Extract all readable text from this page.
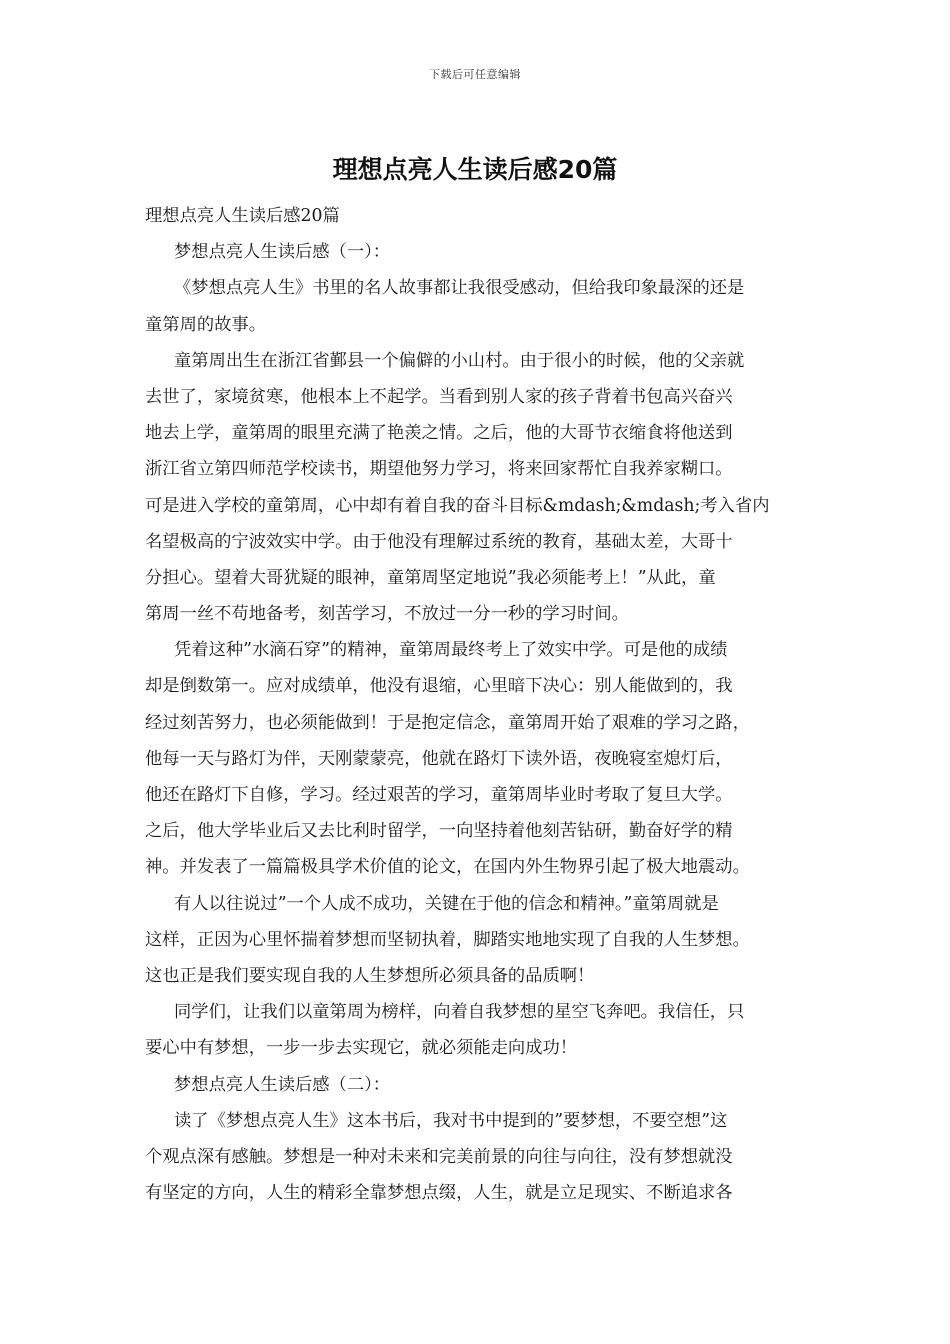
下载后可任意编辑
理想点亮人生读后感20篇
理想点亮人生读后感20篇
梦想点亮人生读后感（一）：
《梦想点亮人生》书里的名人故事都让我很受感动，但给我印象最深的还是
童第周的故事。
童第周出生在浙江省鄞县一个偏僻的小山村。由于很小的时候，他的父亲就
去世了，家境贫寒，他根本上不起学。当看到别人家的孩子背着书包高兴奋兴
地去上学，童第周的眼里充满了艳羡之情。之后，他的大哥节衣缩食将他送到
浙江省立第四师范学校读书，期望他努力学习，将来回家帮忙自我养家糊口。
可是进入学校的童第周，心中却有着自我的奋斗目标&mdash;&mdash;考入省内
名望极高的宁波效实中学。由于他没有理解过系统的教育，基础太差，大哥十
分担心。望着大哥犹疑的眼神，童第周坚定地说”我必须能考上！”从此，童
第周一丝不苟地备考，刻苦学习，不放过一分一秒的学习时间。
凭着这种”水滴石穿”的精神，童第周最终考上了效实中学。可是他的成绩
却是倒数第一。应对成绩单，他没有退缩，心里暗下决心：别人能做到的，我
经过刻苦努力，也必须能做到！于是抱定信念，童第周开始了艰难的学习之路，
他每一天与路灯为伴，天刚蒙蒙亮，他就在路灯下读外语，夜晚寝室熄灯后，
他还在路灯下自修，学习。经过艰苦的学习，童第周毕业时考取了复旦大学。
之后，他大学毕业后又去比利时留学，一向坚持着他刻苦钻研，勤奋好学的精
神。并发表了一篇篇极具学术价值的论文，在国内外生物界引起了极大地震动。
有人以往说过”一个人成不成功，关键在于他的信念和精神。”童第周就是
这样，正因为心里怀揣着梦想而坚韧执着，脚踏实地地实现了自我的人生梦想。
这也正是我们要实现自我的人生梦想所必须具备的品质啊！
同学们，让我们以童第周为榜样，向着自我梦想的星空飞奔吧。我信任，只
要心中有梦想，一步一步去实现它，就必须能走向成功！
梦想点亮人生读后感（二）：
读了《梦想点亮人生》这本书后，我对书中提到的”要梦想，不要空想”这
个观点深有感触。梦想是一种对未来和完美前景的向往与向往，没有梦想就没
有坚定的方向，人生的精彩全靠梦想点缀，人生，就是立足现实、不断追求各
